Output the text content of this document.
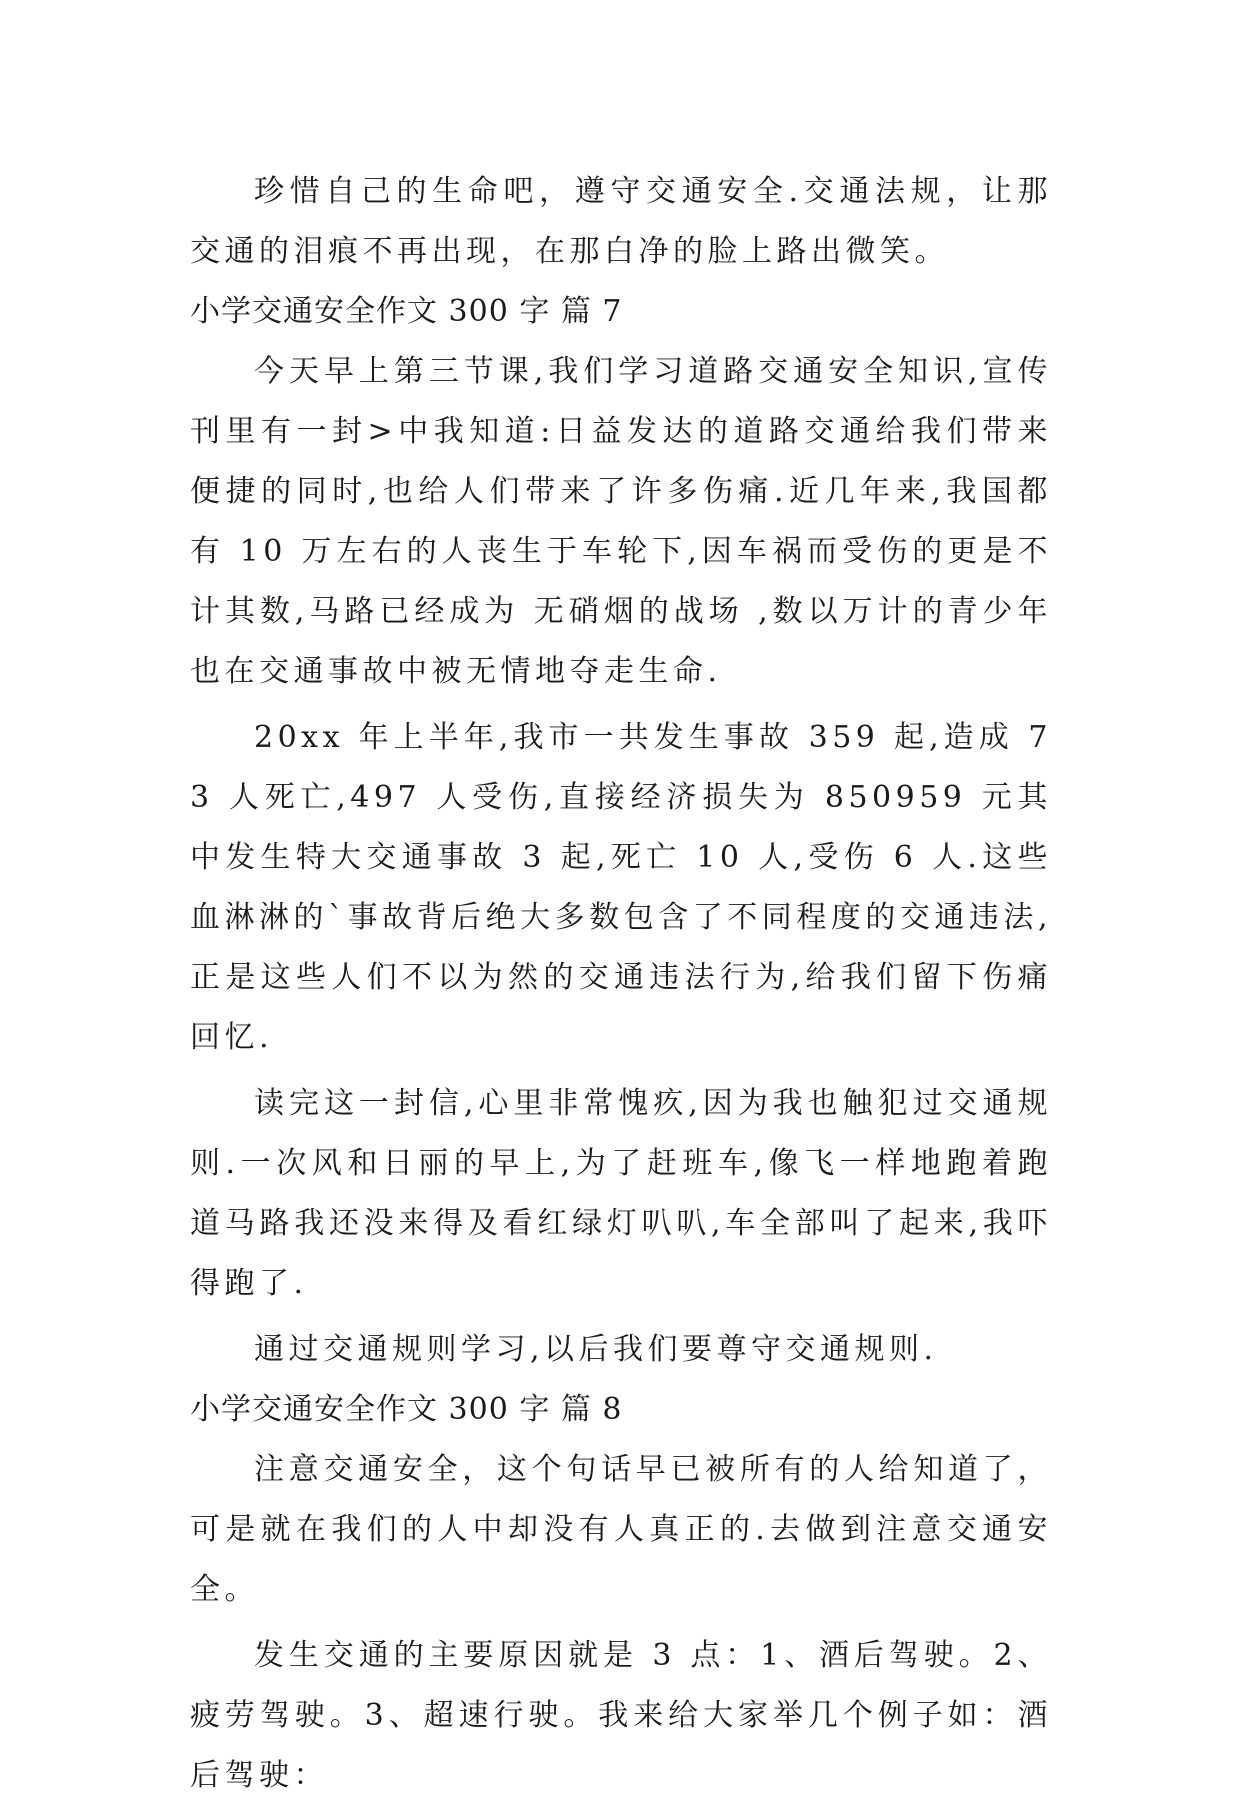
珍惜自己的生命吧，遵守交通安全.交通法规，让那交通的泪痕不再出现，在那白净的脸上路出微笑。

小学交通安全作文 300 字 篇 7

今天早上第三节课,我们学习道路交通安全知识,宣传刊里有一封>中我知道:日益发达的道路交通给我们带来便捷的同时,也给人们带来了许多伤痛.近几年来,我国都有 10 万左右的人丧生于车轮下,因车祸而受伤的更是不计其数,马路已经成为 无硝烟的战场 ,数以万计的青少年也在交通事故中被无情地夺走生命.

20xx 年上半年,我市一共发生事故 359 起,造成 73 人死亡,497 人受伤,直接经济损失为 850959 元其中发生特大交通事故 3 起,死亡 10 人,受伤 6 人.这些血淋淋的`事故背后绝大多数包含了不同程度的交通违法,正是这些人们不以为然的交通违法行为,给我们留下伤痛回忆.

读完这一封信,心里非常愧疚,因为我也触犯过交通规则.一次风和日丽的早上,为了赶班车,像飞一样地跑着跑道马路我还没来得及看红绿灯叭叭,车全部叫了起来,我吓得跑了.

通过交通规则学习,以后我们要尊守交通规则.

小学交通安全作文 300 字 篇 8

注意交通安全，这个句话早已被所有的人给知道了，可是就在我们的人中却没有人真正的.去做到注意交通安全。

发生交通的主要原因就是 3 点：1、酒后驾驶。2、疲劳驾驶。3、超速行驶。我来给大家举几个例子如：酒后驾驶：
